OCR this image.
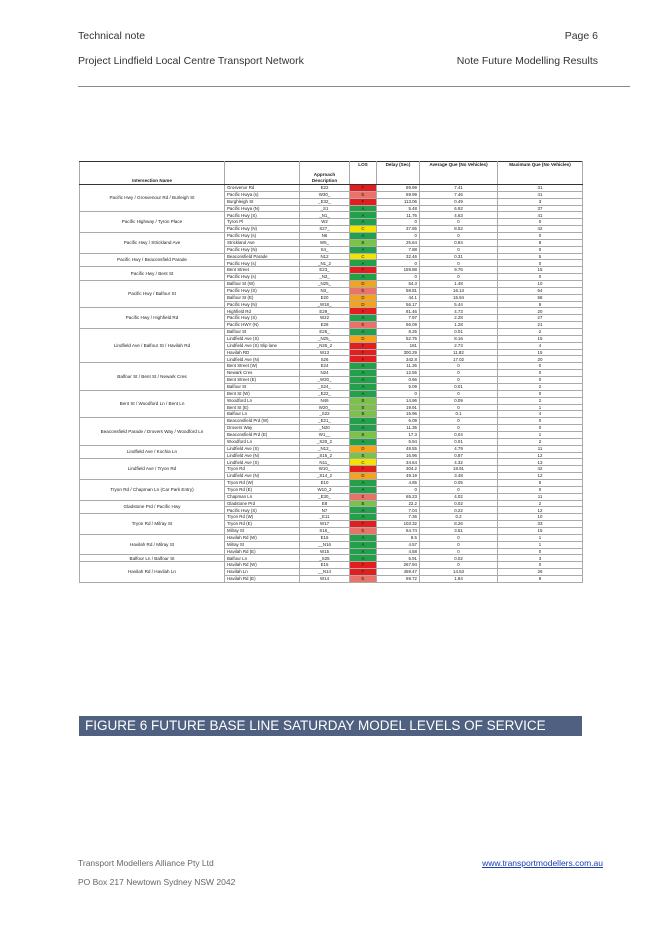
Technical note	Page 6
Project Lindfield Local Centre Transport Network	Note Future Modelling Results
Intersection Name		Approach Description	LOS	Delay (Sec)	Average Que (No Vehicles)	Maximum Que (No Vehicles)
Pacific Hwy / Grosvenour Rd / Burleigh St	Grosvenor Rd	E22	F	89.99	7.41	31
	Pacific Hwya (s)	W30_	E	69.99	7.46	41
	Burghleigh St	_E32_	F	113.06	0.49	3
	Pacific Hwya (N)	_S1	A	5.48	6.92	37
Pacific Highway / Tyron Place	Pacific Hwy (S)	_N1_	A	11.76	4.63	41
	Tyron Pl	W2	A	0	0	0
	Pacific Hwy (N)	S27_	C	37.65	8.52	42
Pacific Hwy / Strickland Ave	Pacific Hwy (s)	N6	A	0	0	0
	Strickland Ave	W5_	B	25.64	0.84	8
	Pacific Hwy (N)	S4_	A	7.88	0	0
Pacific Hwy / Beaconsfield Parade	Beaconsfield Parade	N12	C	32.46	0.31	5
	Pacific Hwy (s)	_N1_2	A	0	0	0
Pacific Hwy / Bent St	Bent Street	E23_	F	159.88	9.76	15
	Pacific Hwy (s)	_N3_	A	0	0	0
Pacific Hwy / Balfour St	Balfour St (W)	_N25_	D	54.3	1.48	10
	Pacific Hwy (S)	N3_	E	58.81	16.13	64
	Balfour St (E)	E20	D	44.1	15.94	58
	Pacific Hwy (N)	_W18_	D	56.17	5.44	9
Pacific Hwy / Highfield Rd	Highfield Rd	E29_	F	81.46	4.73	20
	Pacific Hwy (S)	W22	A	7.97	2.28	27
	Pacific HWY (N)	E28	E	66.09	1.28	21
Lindfield Ave / Balfour St / Havilah Rd	Balfour St	E26_	A	8.25	0.01	2
	Lindfield Ave (S)	_N25_	D	52.75	8.16	15
	Lindfield Ave (S) Slip lane	_N25_2	F	181	2.73	4
	Havilah RD	W13	F	300.29	11.82	15
	Lindfield Ave (N)	S26	F	342.8	17.02	20
Balfour St / Bent St / Newark Cres	Bent Street (W)	E24	A	11.35	0	0
	Newark Cres	N24	A	12.55	0	0
	Bent Street (E)	_W20_	A	0.66	0	0
	Balfour St	_S24_	A	5.09	0.01	2
Bent St / Woodford Ln / Bent Ln	Bent St (W)	_E22_	A	0	0	0
	Woodford Ln	N46	B	14.96	0.09	2
	Bent St (E)	W20_	B	19.91	0	1
	Balfour Ln	_S22	B	15.96	0.1	4
Beaconsfield Parade / Drovers Way / Woodford Ln	Beaconsfield Prd (W)	_E21_	A	6.09	0	0
	Drovers Way	_N20	A	11.35	0	0
	Beaconsfield Prd (E)	W1__	B	17.3	0.04	1
	Woodford Ln	_S20_2	A	5.94	0.01	2
Lindfield Ave / Kochia Ln	Lindfield Ave (S)	_N12_	D	48.55	4.79	11
	Lindfield Ave (N)	_S15_2	B	16.96	0.87	12
Lindfield Ave / Tryon Rd	Lindfield Ave (S)	N11_	C	34.64	4.32	13
	Tryon Rd	W10_	F	304.2	18.91	42
	Lindfield Ave (N)	_S14_2	D	49.19	3.48	12
Tryon Rd / Chapman Ln (Car Park Entry)	Tryon Rd (W)	E10	A	4.85	0.05	5
	Tryon Rd (E)	W10_2	A	0	0	0
	Chapman Ln	_E30_	E	65.23	4.02	11
Gladstone Prd / Pacific Hwy	Gladstone Prd	E8	B	22.2	0.02	2
	Pacific Hwy (S)	N7	A	7.04	0.22	12
Tryon Rd / Milray St	Tryon Rd (W)	_E11	A	7.36	0.2	10
	Tryon Rd (E)	W17	F	103.32	8.26	33
	Milray St	S16_	E	64.74	3.51	15
Havilah Rd / Milray St	Havilah Rd (W)	E16	A	8.5	0	1
	Milray St	__N16	A	4.57	0	1
	Havilah Rd (E)	W15	A	4.58	0	0
Balfour Ln / Balfour St	Balfour Ln	_S25	A	5.91	0.02	3
Havilah Rd / Havilah Ln	Havilah Rd (W)	E15	F	267.94	0	0
	Havilah Ln	__N14	F	459.47	14.53	26
	Havilah Rd (E)	W14	E	69.72	1.84	9
FIGURE 6 FUTURE BASE LINE SATURDAY MODEL LEVELS OF SERVICE
Transport Modellers Alliance Pty Ltd
PO Box 217 Newtown Sydney NSW 2042
www.transportmodellers.com.au
